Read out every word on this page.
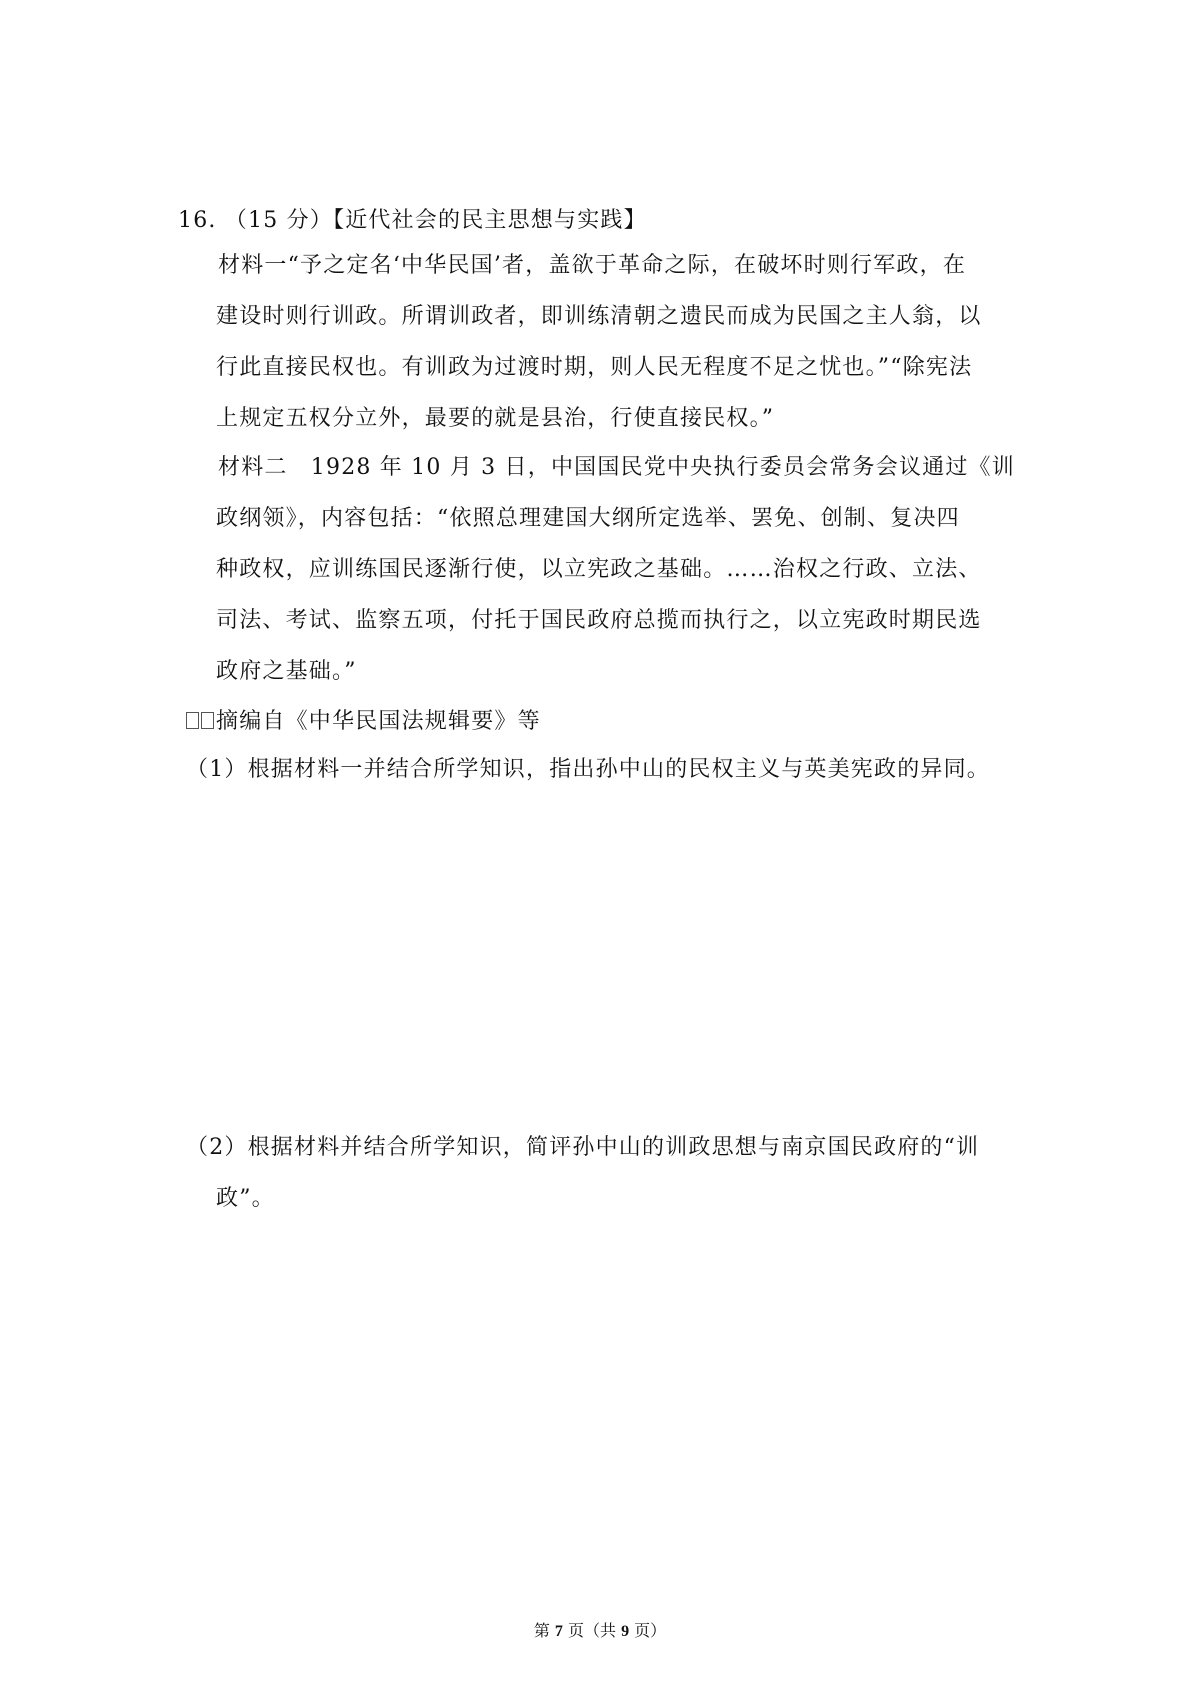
16. （15 分）【近代社会的民主思想与实践】
材料一“予之定名‘中华民国’者，盖欲于革命之际，在破坏时则行军政，在
建设时则行训政。所谓训政者，即训练清朝之遗民而成为民国之主人翁，以
行此直接民权也。有训政为过渡时期，则人民无程度不足之忧也。”“除宪法
上规定五权分立外，最要的就是县治，行使直接民权。”
材料二　1928 年 10 月 3 日，中国国民党中央执行委员会常务会议通过《训
政纲领》，内容包括：“依照总理建国大纲所定选举、罢免、创制、复决四
种政权，应训练国民逐渐行使，以立宪政之基础。……治权之行政、立法、
司法、考试、监察五项，付托于国民政府总揽而执行之，以立宪政时期民选
政府之基础。”
摘编自《中华民国法规辑要》等
（1）根据材料一并结合所学知识，指出孙中山的民权主义与英美宪政的异同。
（2）根据材料并结合所学知识，简评孙中山的训政思想与南京国民政府的“训
政”。
第 7 页（共 9 页）
